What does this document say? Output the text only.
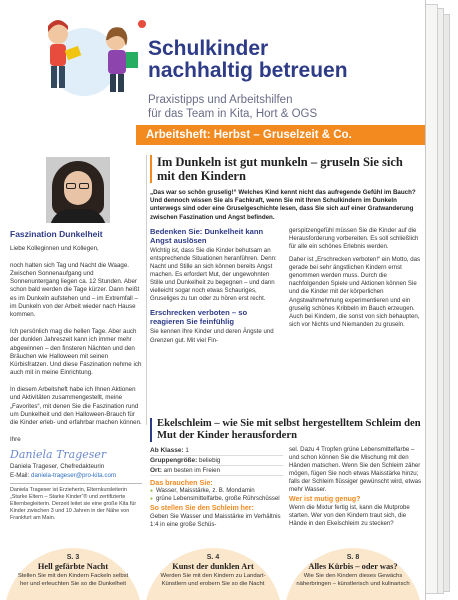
Schulkinder
nachhaltig betreuen
Praxistipps und Arbeitshilfen
für das Team in Kita, Hort & OGS
Arbeitsheft: Herbst – Gruselzeit & Co.
Faszination Dunkelheit
Liebe Kolleginnen und Kollegen,

noch halten sich Tag und Nacht die Waage. Zwischen Sonnenaufgang und Sonnenuntergang liegen ca. 12 Stunden. Aber schon bald werden die Tage kürzer. Dann heißt es im Dunkeln aufstehen und – im Extremfall – im Dunkeln von der Arbeit wieder nach Hause kommen.

Ich persönlich mag die hellen Tage. Aber auch der dunklen Jahreszeit kann ich immer mehr abgewinnen – den finsteren Nächten und den Bräuchen wie Halloween mit seinen Kürbisfratzen. Und diese Faszination nehme ich auch mit in meine Einrichtung.

In diesem Arbeitsheft habe ich Ihnen Aktionen und Aktivitäten zusammengestellt, meine „Favorites“, mit denen Sie die Faszination rund um Dunkelheit und den Halloween-Brauch für die Kinder erleb- und erfahrbar machen können.

Ihre
Daniela Trageser
Daniela Trageser, Chefredakteurin
E-Mail: daniela-trageser@pro-kita.com
Daniela Trageser ist Erzieherin, Elternkursleiterin „Starke Eltern – Starke Kinder“® und zertifizierte Elternbegleiterin. Derzeit leitet sie eine große Kita für Kinder zwischen 3 und 10 Jahren in der Nähe von Frankfurt am Main.
Im Dunkeln ist gut munkeln – gruseln Sie sich mit den Kindern
„Das war so schön gruselig!“ Welches Kind kennt nicht das aufregende Gefühl im Bauch? Und dennoch wissen Sie als Fachkraft, wenn Sie mit Ihren Schulkindern im Dunkeln unterwegs sind oder eine Gruselgeschichte lesen, dass Sie sich auf einer Gratwanderung zwischen Faszination und Angst befinden.
Bedenken Sie: Dunkelheit kann Angst auslösen

Wichtig ist, dass Sie die Kinder behutsam an entsprechende Situationen heranführen. Denn: Nacht und Stille an sich können bereits Angst machen. Es erfordert Mut, der ungewohnten Stille und Dunkelheit zu begegnen – und dann vielleicht sogar noch etwas Schauriges, Gruseliges zu tun oder zu hören erst recht.

Erschrecken verboten – so reagieren Sie feinfühlig

Sie kennen Ihre Kinder und deren Ängste und Grenzen gut. Mit viel Fin-

gerspitzengefühl müssen Sie die Kinder auf die Herausforderung vorbereiten. Es soll schließlich für alle ein schönes Erlebnis werden.

Daher ist „Erschrecken verboten!“ ein Motto, das gerade bei sehr ängstlichen Kindern ernst genommen werden muss. Durch die nachfolgenden Spiele und Aktionen können Sie und die Kinder mit der körperlichen Angstwahrnehmung experimentieren und ein gruselig schönes Kribbeln im Bauch erzeugen. Auch bei Kindern, die sonst von sich behaupten, sich vor Nichts und Niemanden zu gruseln.

Ekelschleim – wie Sie mit selbst hergestelltem Schleim den Mut der Kinder herausfordern
Ab Klasse: 1
Gruppengröße: beliebig
Ort: am besten im Freien
Das brauchen Sie:
● Wasser, Maisstärke, z. B. Mondamin
● grüne Lebensmittelfarbe, große Rührschüssel
So stellen Sie den Schleim her:
Geben Sie Wasser und Maisstärke im Verhältnis 1:4 in eine große Schüs-
sel. Dazu 4 Tropfen grüne Lebensmittelfarbe – und schon können Sie die Mischung mit den Händen matschen. Wenn Sie den Schleim zäher mögen, fügen Sie noch etwas Maisstärke hinzu; falls der Schleim flüssiger gewünscht wird, etwas mehr Wasser.
Wer ist mutig genug?
Wenn die Mixtur fertig ist, kann die Mutprobe starten. Wer von den Kindern traut sich, die Hände in den Ekelschleim zu stecken?
S. 3
Hell gefärbte Nacht
Stellen Sie mit den Kindern Fackeln selbst her und erleuchten Sie so die Dunkelheit
S. 4
Kunst der dunklen Art
Werden Sie mit den Kindern zu Landart-Künstlern und erobern Sie so die Nacht
S. 8
Alles Kürbis – oder was?
Wie Sie den Kindern dieses Gewächs näherbringen – künstlerisch und kulinarisch
